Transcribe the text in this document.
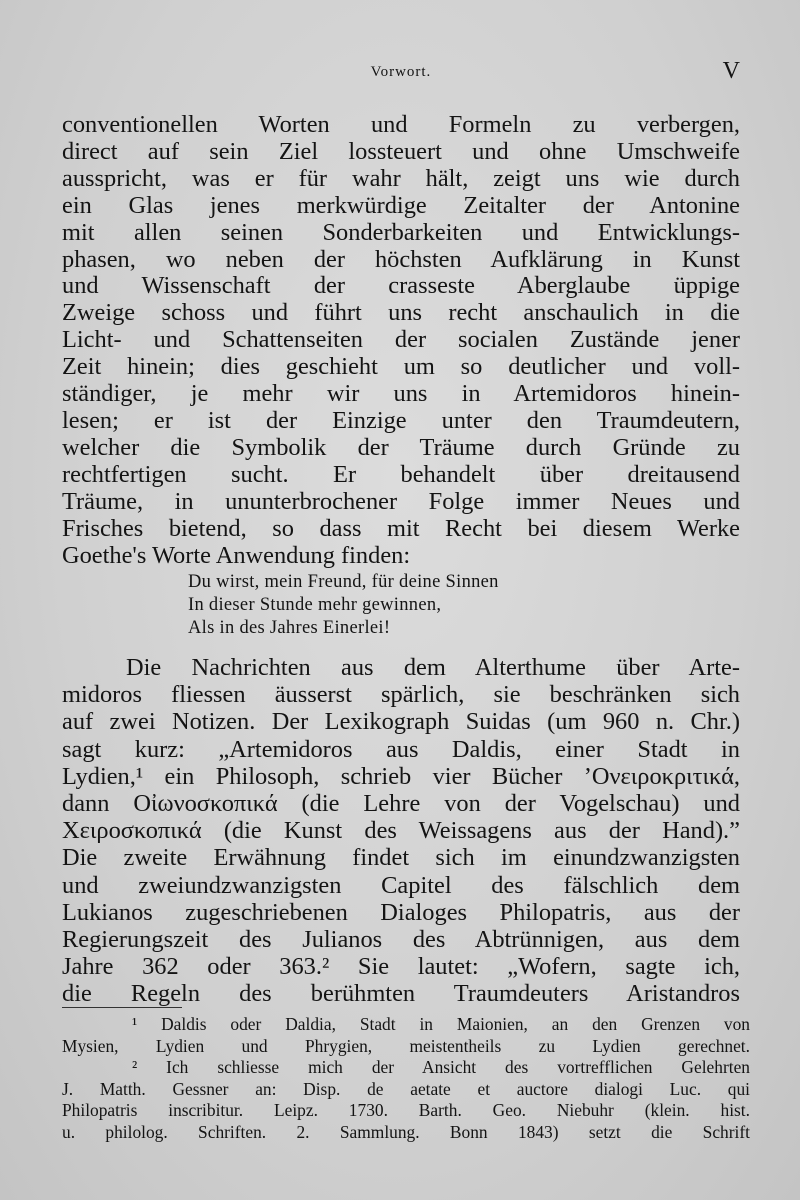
Vorwort.	V
conventionellen Worten und Formeln zu verbergen,
direct auf sein Ziel lossteuert und ohne Umschweife
ausspricht, was er für wahr hält, zeigt uns wie durch
ein Glas jenes merkwürdige Zeitalter der Antonine
mit allen seinen Sonderbarkeiten und Entwicklungs-
phasen, wo neben der höchsten Aufklärung in Kunst
und Wissenschaft der crasseste Aberglaube üppige
Zweige schoss und führt uns recht anschaulich in die
Licht- und Schattenseiten der socialen Zustände jener
Zeit hinein; dies geschieht um so deutlicher und voll-
ständiger, je mehr wir uns in Artemidoros hinein-
lesen; er ist der Einzige unter den Traumdeutern,
welcher die Symbolik der Träume durch Gründe zu
rechtfertigen sucht. Er behandelt über dreitausend
Träume, in ununterbrochener Folge immer Neues und
Frisches bietend, so dass mit Recht bei diesem Werke
Goethe's Worte Anwendung finden:
Du wirst, mein Freund, für deine Sinnen
In dieser Stunde mehr gewinnen,
Als in des Jahres Einerlei!
Die Nachrichten aus dem Alterthume über Arte-
midoros fliessen äusserst spärlich, sie beschränken sich
auf zwei Notizen. Der Lexikograph Suidas (um 960 n. Chr.)
sagt kurz: „Artemidoros aus Daldis, einer Stadt in
Lydien,¹ ein Philosoph, schrieb vier Bücher ’Ονειροκριτικά,
dann Οἰωνοσκοπικά (die Lehre von der Vogelschau) und
Χειροσκοπικά (die Kunst des Weissagens aus der Hand).”
Die zweite Erwähnung findet sich im einundzwanzigsten
und zweiundzwanzigsten Capitel des fälschlich dem
Lukianos zugeschriebenen Dialoges Philopatris, aus der
Regierungszeit des Julianos des Abtrünnigen, aus dem
Jahre 362 oder 363.² Sie lautet: „Wofern, sagte ich,
die Regeln des berühmten Traumdeuters Aristandros
¹ Daldis oder Daldia, Stadt in Maionien, an den Grenzen von
Mysien, Lydien und Phrygien, meistentheils zu Lydien gerechnet.
² Ich schliesse mich der Ansicht des vortrefflichen Gelehrten
J. Matth. Gessner an: Disp. de aetate et auctore dialogi Luc. qui
Philopatris inscribitur. Leipz. 1730. Barth. Geo. Niebuhr (klein. hist.
u. philolog. Schriften. 2. Sammlung. Bonn 1843) setzt die Schrift
